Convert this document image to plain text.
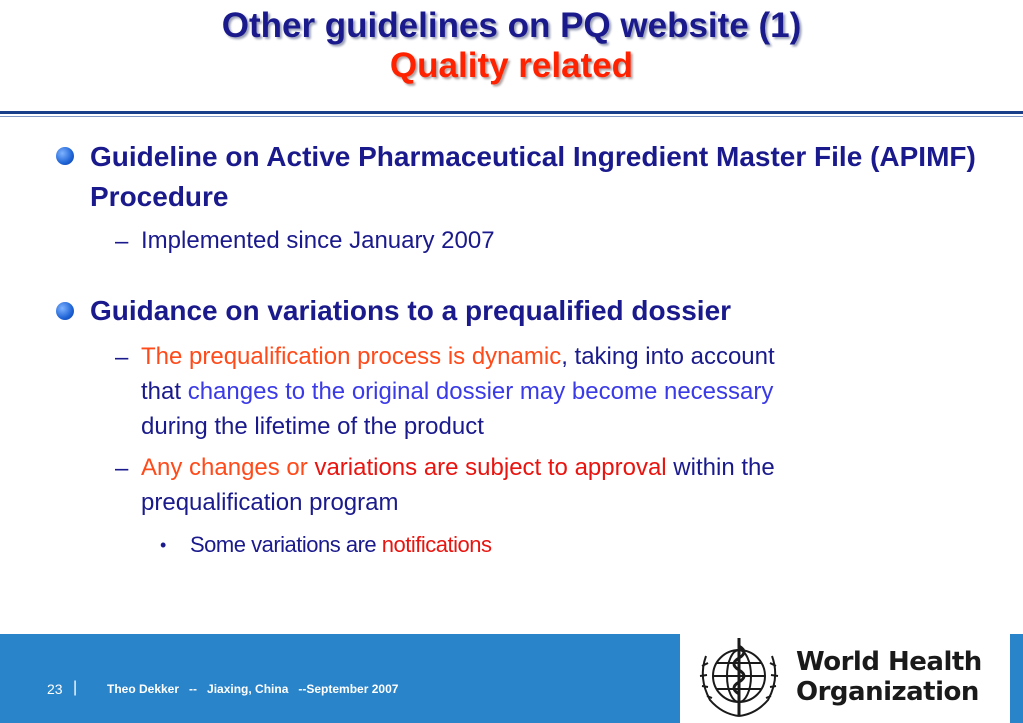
Other guidelines on PQ website (1)
Quality related
Guideline on Active Pharmaceutical Ingredient Master File (APIMF) Procedure
– Implemented since January 2007
Guidance on variations to a prequalified dossier
– The prequalification process is dynamic, taking into account
that changes to the original dossier may become necessary
during the lifetime of the product
– Any changes or variations are subject to approval within the
prequalification program
• Some variations are notifications
23 | Theo Dekker   --   Jiaxing, China   --September 2007
World Health
Organization
